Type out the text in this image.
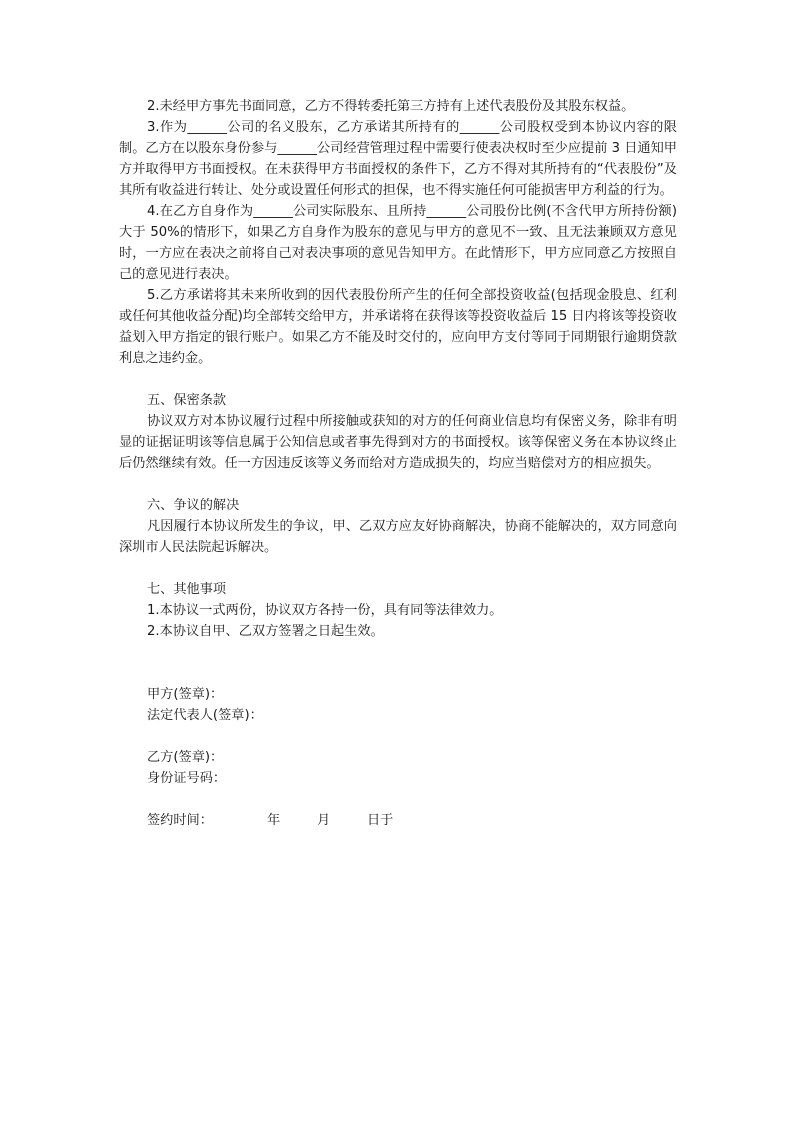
2.未经甲方事先书面同意，乙方不得转委托第三方持有上述代表股份及其股东权益。

3.作为______公司的名义股东，乙方承诺其所持有的______公司股权受到本协议内容的限制。乙方在以股东身份参与______公司经营管理过程中需要行使表决权时至少应提前 3 日通知甲方并取得甲方书面授权。在未获得甲方书面授权的条件下，乙方不得对其所持有的“代表股份”及其所有收益进行转让、处分或设置任何形式的担保，也不得实施任何可能损害甲方利益的行为。

4.在乙方自身作为______公司实际股东、且所持______公司股份比例(不含代甲方所持份额)大于 50%的情形下，如果乙方自身作为股东的意见与甲方的意见不一致、且无法兼顾双方意见时，一方应在表决之前将自己对表决事项的意见告知甲方。在此情形下，甲方应同意乙方按照自己的意见进行表决。

5.乙方承诺将其未来所收到的因代表股份所产生的任何全部投资收益(包括现金股息、红利或任何其他收益分配)均全部转交给甲方，并承诺将在获得该等投资收益后 15 日内将该等投资收益划入甲方指定的银行账户。如果乙方不能及时交付的，应向甲方支付等同于同期银行逾期贷款利息之违约金。

五、保密条款

协议双方对本协议履行过程中所接触或获知的对方的任何商业信息均有保密义务，除非有明显的证据证明该等信息属于公知信息或者事先得到对方的书面授权。该等保密义务在本协议终止后仍然继续有效。任一方因违反该等义务而给对方造成损失的，均应当赔偿对方的相应损失。

六、争议的解决

凡因履行本协议所发生的争议，甲、乙双方应友好协商解决，协商不能解决的，双方同意向深圳市人民法院起诉解决。

七、其他事项

1.本协议一式两份，协议双方各持一份，具有同等法律效力。

2.本协议自甲、乙双方签署之日起生效。

甲方(签章)：

法定代表人(签章)：

乙方(签章)：

身份证号码：

签约时间：	年	月	日于
